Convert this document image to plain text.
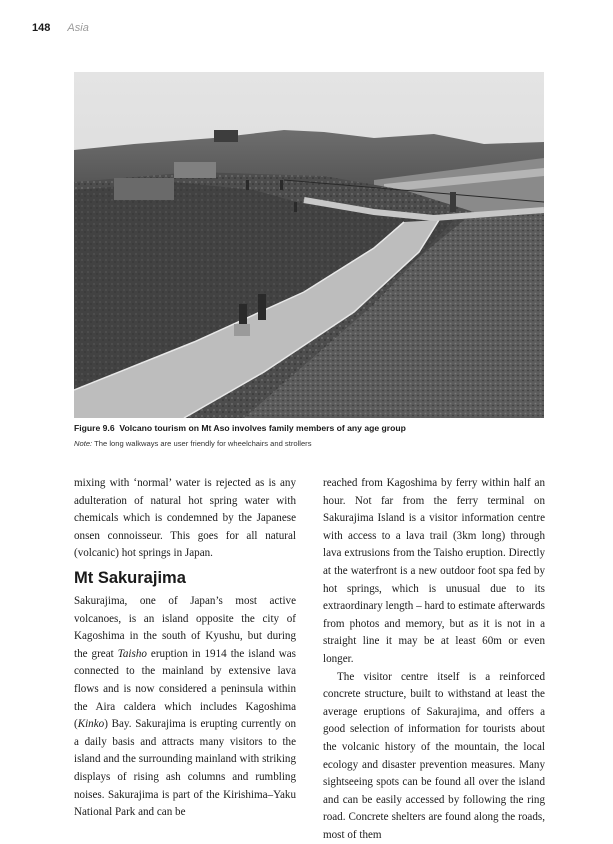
148 Asia

Figure 9.6 Volcano tourism on Mt Aso involves family members of any age group

Note: The long walkways are user friendly for wheelchairs and strollers

mixing with ‘normal’ water is rejected as is any adulteration of natural hot spring water with chemicals which is condemned by the Japanese onsen connoisseur. This goes for all natural (volcanic) hot springs in Japan.

Mt Sakurajima

Sakurajima, one of Japan’s most active volcanoes, is an island opposite the city of Kagoshima in the south of Kyushu, but during the great Taisho eruption in 1914 the island was connected to the mainland by extensive lava flows and is now considered a peninsula within the Aira caldera which includes Kagoshima (Kinko) Bay. Sakurajima is erupting currently on a daily basis and attracts many visitors to the island and the surrounding mainland with striking displays of rising ash columns and rumbling noises. Sakurajima is part of the Kirishima–Yaku National Park and can be

reached from Kagoshima by ferry within half an hour. Not far from the ferry terminal on Sakurajima Island is a visitor information centre with access to a lava trail (3km long) through lava extrusions from the Taisho eruption. Directly at the waterfront is a new outdoor foot spa fed by hot springs, which is unusual due to its extraordinary length – hard to estimate afterwards from photos and memory, but as it is not in a straight line it may be at least 60m or even longer.

The visitor centre itself is a reinforced concrete structure, built to withstand at least the average eruptions of Sakurajima, and offers a good selection of information for tourists about the volcanic history of the mountain, the local ecology and disaster prevention measures. Many sightseeing spots can be found all over the island and can be easily accessed by following the ring road. Concrete shelters are found along the roads, most of them
